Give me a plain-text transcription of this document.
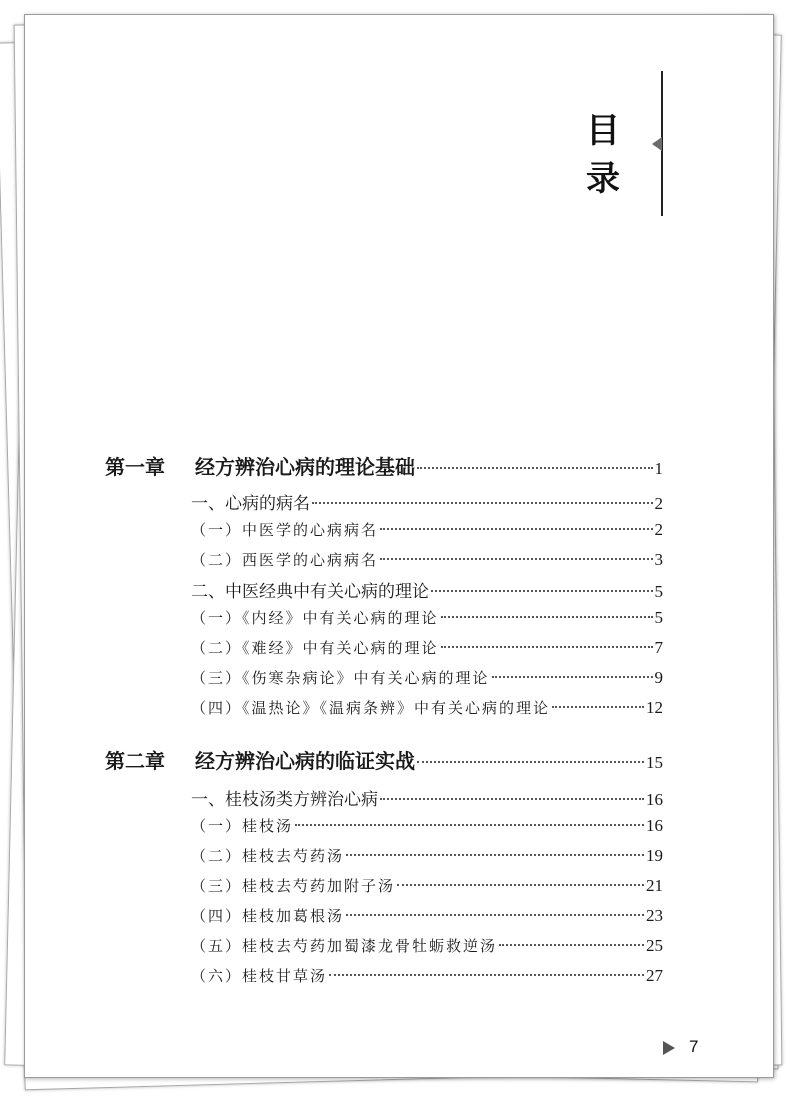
目
录
第一章 经方辨治心病的理论基础	1
一、心病的病名	2
（一）中医学的心病病名	2
（二）西医学的心病病名	3
二、中医经典中有关心病的理论	5
（一）《内经》中有关心病的理论	5
（二）《难经》中有关心病的理论	7
（三）《伤寒杂病论》中有关心病的理论	9
（四）《温热论》《温病条辨》中有关心病的理论	12
第二章 经方辨治心病的临证实战	15
一、桂枝汤类方辨治心病	16
（一）桂枝汤	16
（二）桂枝去芍药汤	19
（三）桂枝去芍药加附子汤	21
（四）桂枝加葛根汤	23
（五）桂枝去芍药加蜀漆龙骨牡蛎救逆汤	25
（六）桂枝甘草汤	27
7
